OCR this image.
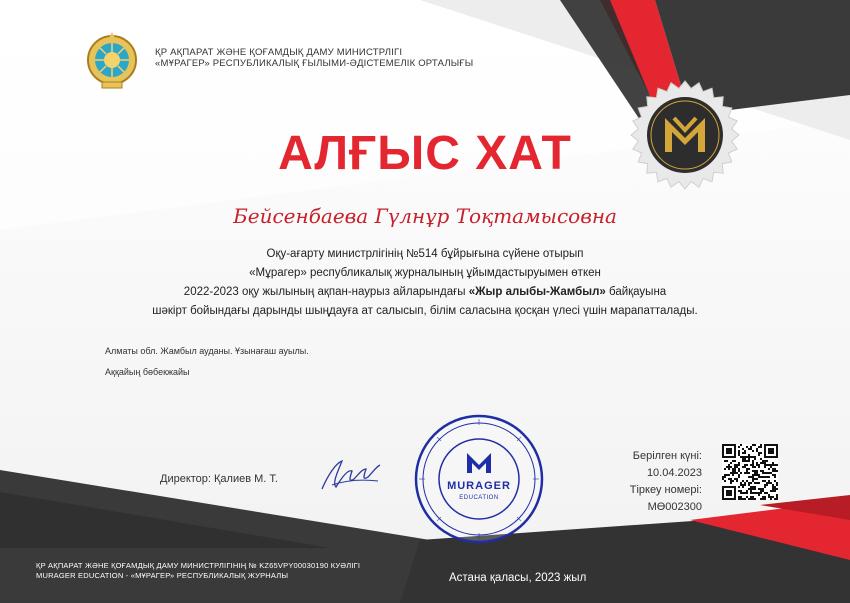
ҚР АҚПАРАТ ЖӘНЕ ҚОҒАМДЫҚ ДАМУ МИНИСТРЛІГІ
«МҰРАГЕР» РЕСПУБЛИКАЛЫҚ ҒЫЛЫМИ-ӘДІСТЕМЕЛІК ОРТАЛЫҒЫ
АЛҒЫС ХАТ
Бейсенбаева Гүлнұр Тоқтамысовна
Оқу-ағарту министрлігінің №514 бұйрығына сүйене отырып
«Мұрагер» республикалық журналының ұйымдастыруымен өткен
2022-2023 оқу жылының ақпан-наурыз айларындағы «Жыр алыбы-Жамбыл» байқауына
шәкірт бойындағы дарынды шыңдауға ат салысып, білім саласына қосқан үлесі үшін марапатталады.
Алматы обл. Жамбыл ауданы. Ұзынағаш ауылы.
Аққайың бөбекжайы
Директор: Қалиев М. Т.
MURAGER
EDUCATION
Берілген күні:
10.04.2023
Тіркеу номері:
МӨ002300
ҚР АҚПАРАТ ЖӘНЕ ҚОҒАМДЫҚ ДАМУ МИНИСТРЛІГІНІҢ № KZ65VPY00030190 КУӘЛІГІ
MURAGER EDUCATION - «МҰРАГЕР» РЕСПУБЛИКАЛЫҚ ЖУРНАЛЫ	Астана қаласы, 2023 жыл
